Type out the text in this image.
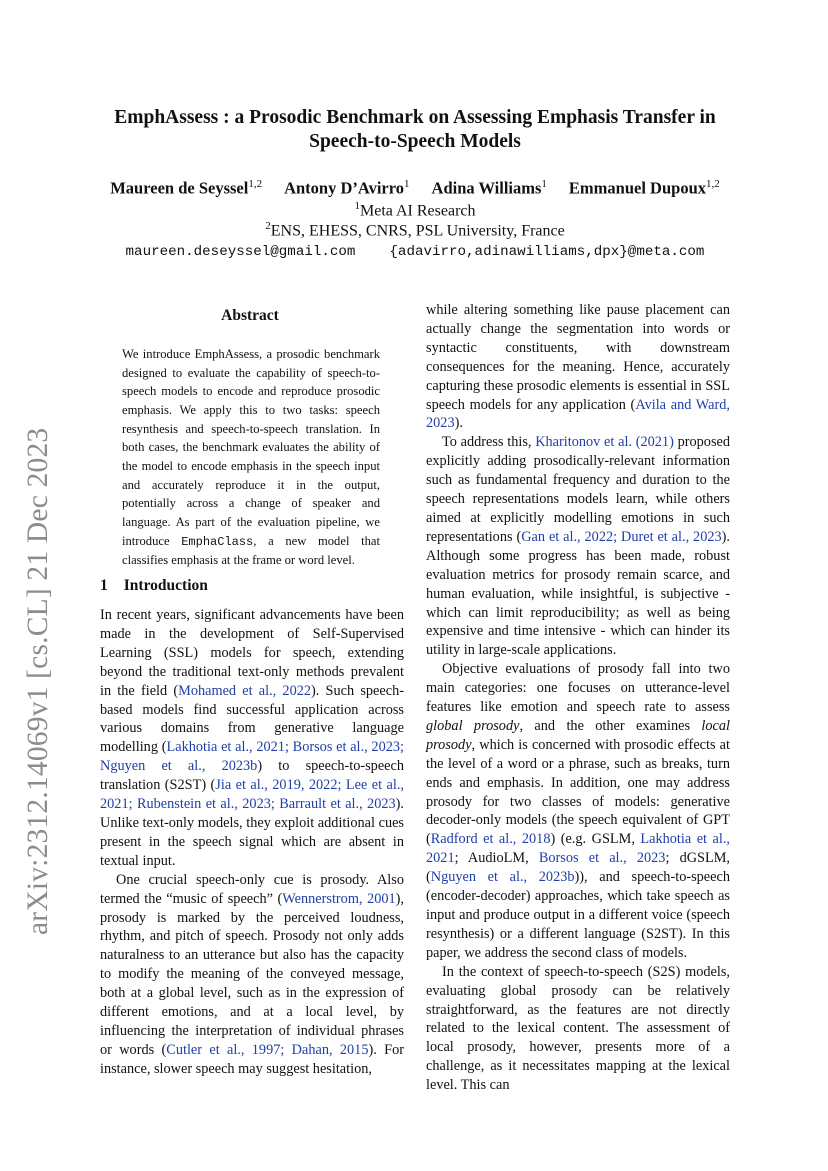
arXiv:2312.14069v1 [cs.CL] 21 Dec 2023
EmphAssess : a Prosodic Benchmark on Assessing Emphasis Transfer in
Speech-to-Speech Models
Maureen de Seyssel$^{1,2}$ Antony D’Avirro$^1$ Adina Williams$^1$ Emmanuel Dupoux$^{1,2}$
$^1$Meta AI Research
$^2$ENS, EHESS, CNRS, PSL University, France
maureen.deseyssel@gmail.com {adavirro,adinawilliams,dpx}@meta.com
Abstract
We introduce EmphAssess, a prosodic benchmark designed to evaluate the capability of speech-to-speech models to encode and reproduce prosodic emphasis. We apply this to two tasks: speech resynthesis and speech-to-speech translation. In both cases, the benchmark evaluates the ability of the model to encode emphasis in the speech input and accurately reproduce it in the output, potentially across a change of speaker and language. As part of the evaluation pipeline, we introduce EmphaClass, a new model that classifies emphasis at the frame or word level.
1 Introduction

In recent years, significant advancements have been made in the development of Self-Supervised Learning (SSL) models for speech, extending beyond the traditional text-only methods prevalent in the field (Mohamed et al., 2022). Such speech-based models find successful application across various domains from generative language modelling (Lakhotia et al., 2021; Borsos et al., 2023; Nguyen et al., 2023b) to speech-to-speech translation (S2ST) (Jia et al., 2019, 2022; Lee et al., 2021; Rubenstein et al., 2023; Barrault et al., 2023). Unlike text-only models, they exploit additional cues present in the speech signal which are absent in textual input.

One crucial speech-only cue is prosody. Also termed the “music of speech” (Wennerstrom, 2001), prosody is marked by the perceived loudness, rhythm, and pitch of speech. Prosody not only adds naturalness to an utterance but also has the capacity to modify the meaning of the conveyed message, both at a global level, such as in the expression of different emotions, and at a local level, by influencing the interpretation of individual phrases or words (Cutler et al., 1997; Dahan, 2015). For instance, slower speech may suggest hesitation,

while altering something like pause placement can actually change the segmentation into words or syntactic constituents, with downstream consequences for the meaning. Hence, accurately capturing these prosodic elements is essential in SSL speech models for any application (Avila and Ward, 2023).

To address this, Kharitonov et al. (2021) proposed explicitly adding prosodically-relevant information such as fundamental frequency and duration to the speech representations models learn, while others aimed at explicitly modelling emotions in such representations (Gan et al., 2022; Duret et al., 2023). Although some progress has been made, robust evaluation metrics for prosody remain scarce, and human evaluation, while insightful, is subjective - which can limit reproducibility; as well as being expensive and time intensive - which can hinder its utility in large-scale applications.

Objective evaluations of prosody fall into two main categories: one focuses on utterance-level features like emotion and speech rate to assess global prosody, and the other examines local prosody, which is concerned with prosodic effects at the level of a word or a phrase, such as breaks, turn ends and emphasis. In addition, one may address prosody for two classes of models: generative decoder-only models (the speech equivalent of GPT (Radford et al., 2018) (e.g. GSLM, Lakhotia et al., 2021; AudioLM, Borsos et al., 2023; dGSLM, (Nguyen et al., 2023b)), and speech-to-speech (encoder-decoder) approaches, which take speech as input and produce output in a different voice (speech resynthesis) or a different language (S2ST). In this paper, we address the second class of models.

In the context of speech-to-speech (S2S) models, evaluating global prosody can be relatively straightforward, as the features are not directly related to the lexical content. The assessment of local prosody, however, presents more of a challenge, as it necessitates mapping at the lexical level. This can
